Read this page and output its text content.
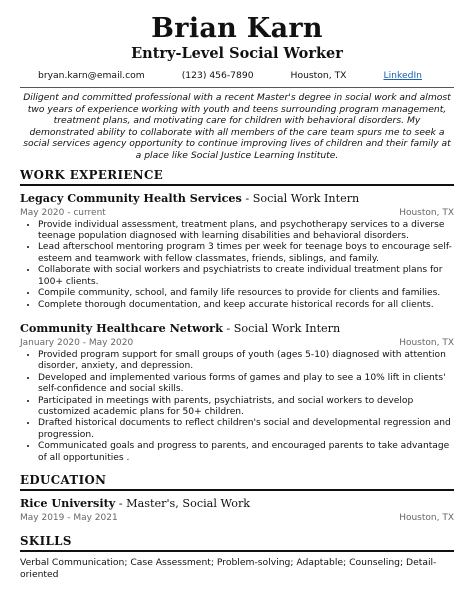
Brian Karn
Entry-Level Social Worker
bryan.karn@email.com	(123) 456-7890	Houston, TX	LinkedIn

Diligent and committed professional with a recent Master's degree in social work and almost two years of experience working with youth and teens surrounding program management, treatment plans, and motivating care for children with behavioral disorders. My demonstrated ability to collaborate with all members of the care team spurs me to seek a social services agency opportunity to continue improving lives of children and their family at a place like Social Justice Learning Institute.

WORK EXPERIENCE
Legacy Community Health Services - Social Work Intern
May 2020 - current	Houston, TX
• Provide individual assessment, treatment plans, and psychotherapy services to a diverse teenage population diagnosed with learning disabilities and behavioral disorders.
• Lead afterschool mentoring program 3 times per week for teenage boys to encourage self-esteem and teamwork with fellow classmates, friends, siblings, and family.
• Collaborate with social workers and psychiatrists to create individual treatment plans for 100+ clients.
• Compile community, school, and family life resources to provide for clients and families.
• Complete thorough documentation, and keep accurate historical records for all clients.
Community Healthcare Network - Social Work Intern
January 2020 - May 2020	Houston, TX
• Provided program support for small groups of youth (ages 5-10) diagnosed with attention disorder, anxiety, and depression.
• Developed and implemented various forms of games and play to see a 10% lift in clients' self-confidence and social skills.
• Participated in meetings with parents, psychiatrists, and social workers to develop customized academic plans for 50+ children.
• Drafted historical documents to reflect children's social and developmental regression and progression.
• Communicated goals and progress to parents, and encouraged parents to take advantage of all opportunities .
EDUCATION
Rice University - Master's, Social Work
May 2019 - May 2021	Houston, TX
SKILLS
Verbal Communication; Case Assessment; Problem-solving; Adaptable; Counseling; Detail-oriented
